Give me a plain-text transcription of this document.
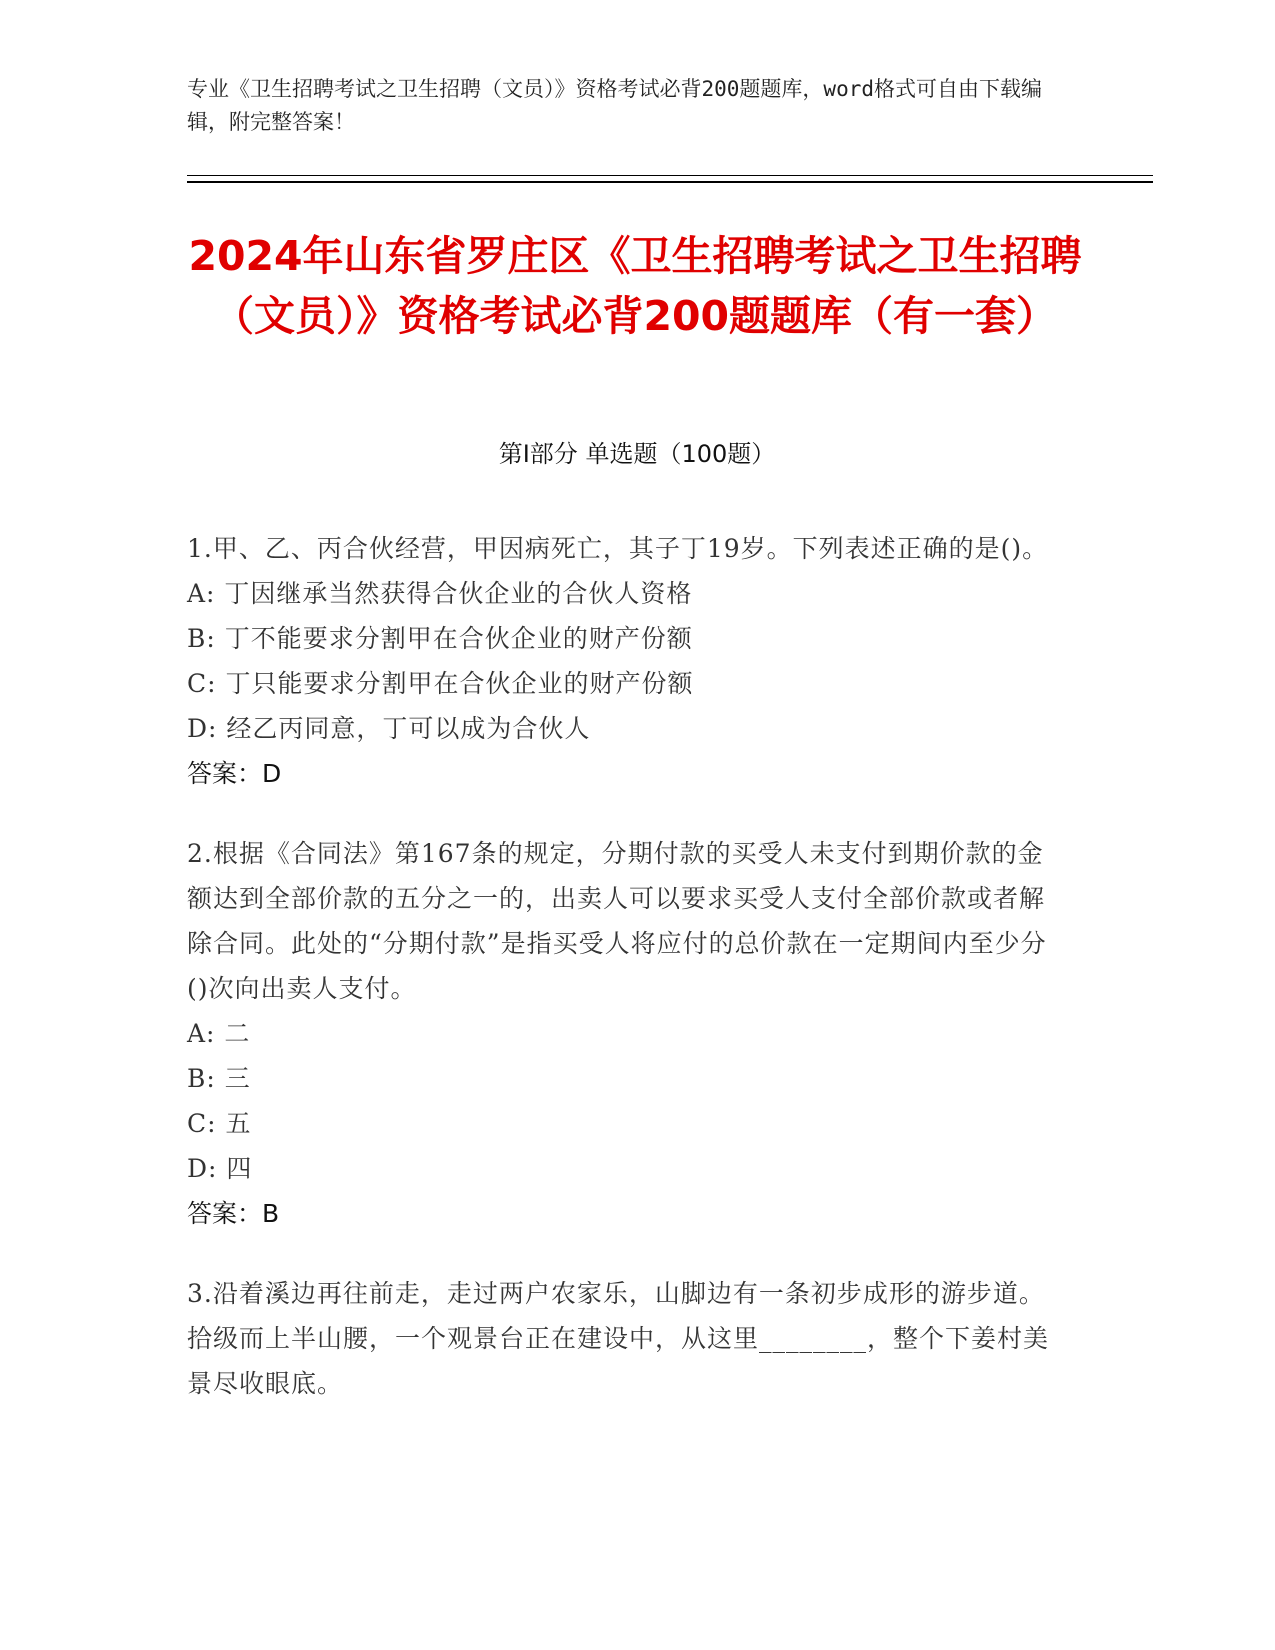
专业《卫生招聘考试之卫生招聘（文员）》资格考试必背200题题库，word格式可自由下载编辑，附完整答案！
2024年山东省罗庄区《卫生招聘考试之卫生招聘（文员）》资格考试必背200题题库（有一套）
第I部分 单选题（100题）
1.甲、乙、丙合伙经营，甲因病死亡，其子丁19岁。下列表述正确的是()。
A: 丁因继承当然获得合伙企业的合伙人资格
B: 丁不能要求分割甲在合伙企业的财产份额
C: 丁只能要求分割甲在合伙企业的财产份额
D: 经乙丙同意，丁可以成为合伙人
答案：D
2.根据《合同法》第167条的规定，分期付款的买受人未支付到期价款的金额达到全部价款的五分之一的，出卖人可以要求买受人支付全部价款或者解除合同。此处的“分期付款”是指买受人将应付的总价款在一定期间内至少分()次向出卖人支付。
A: 二
B: 三
C: 五
D: 四
答案：B
3.沿着溪边再往前走，走过两户农家乐，山脚边有一条初步成形的游步道。拾级而上半山腰，一个观景台正在建设中，从这里________，整个下姜村美景尽收眼底。
